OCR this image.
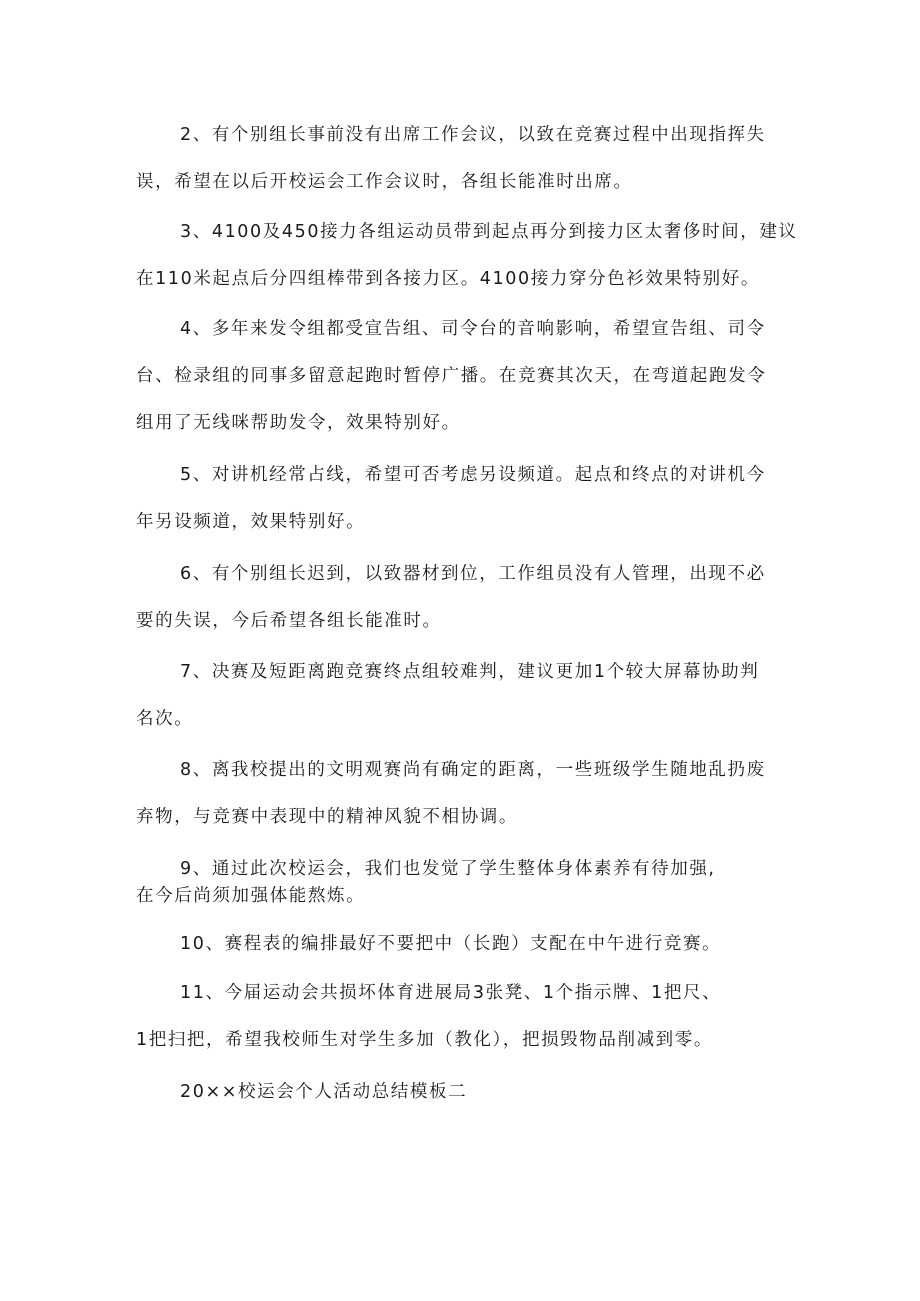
2、有个别组长事前没有出席工作会议，以致在竞赛过程中出现指挥失
误，希望在以后开校运会工作会议时，各组长能准时出席。
3、4100及450接力各组运动员带到起点再分到接力区太奢侈时间，建议
在110米起点后分四组棒带到各接力区。4100接力穿分色衫效果特别好。
4、多年来发令组都受宣告组、司令台的音响影响，希望宣告组、司令
台、检录组的同事多留意起跑时暂停广播。在竞赛其次天，在弯道起跑发令
组用了无线咪帮助发令，效果特别好。
5、对讲机经常占线，希望可否考虑另设频道。起点和终点的对讲机今
年另设频道，效果特别好。
6、有个别组长迟到，以致器材到位，工作组员没有人管理，出现不必
要的失误，今后希望各组长能准时。
7、决赛及短距离跑竞赛终点组较难判，建议更加1个较大屏幕协助判
名次。
8、离我校提出的文明观赛尚有确定的距离，一些班级学生随地乱扔废
弃物，与竞赛中表现中的精神风貌不相协调。
9、通过此次校运会，我们也发觉了学生整体身体素养有待加强,
在今后尚须加强体能熬炼。
10、赛程表的编排最好不要把中（长跑）支配在中午进行竞赛。
11、今届运动会共损坏体育进展局3张凳、1个指示牌、1把尺、
1把扫把，希望我校师生对学生多加（教化），把损毁物品削减到零。
20××校运会个人活动总结模板二
